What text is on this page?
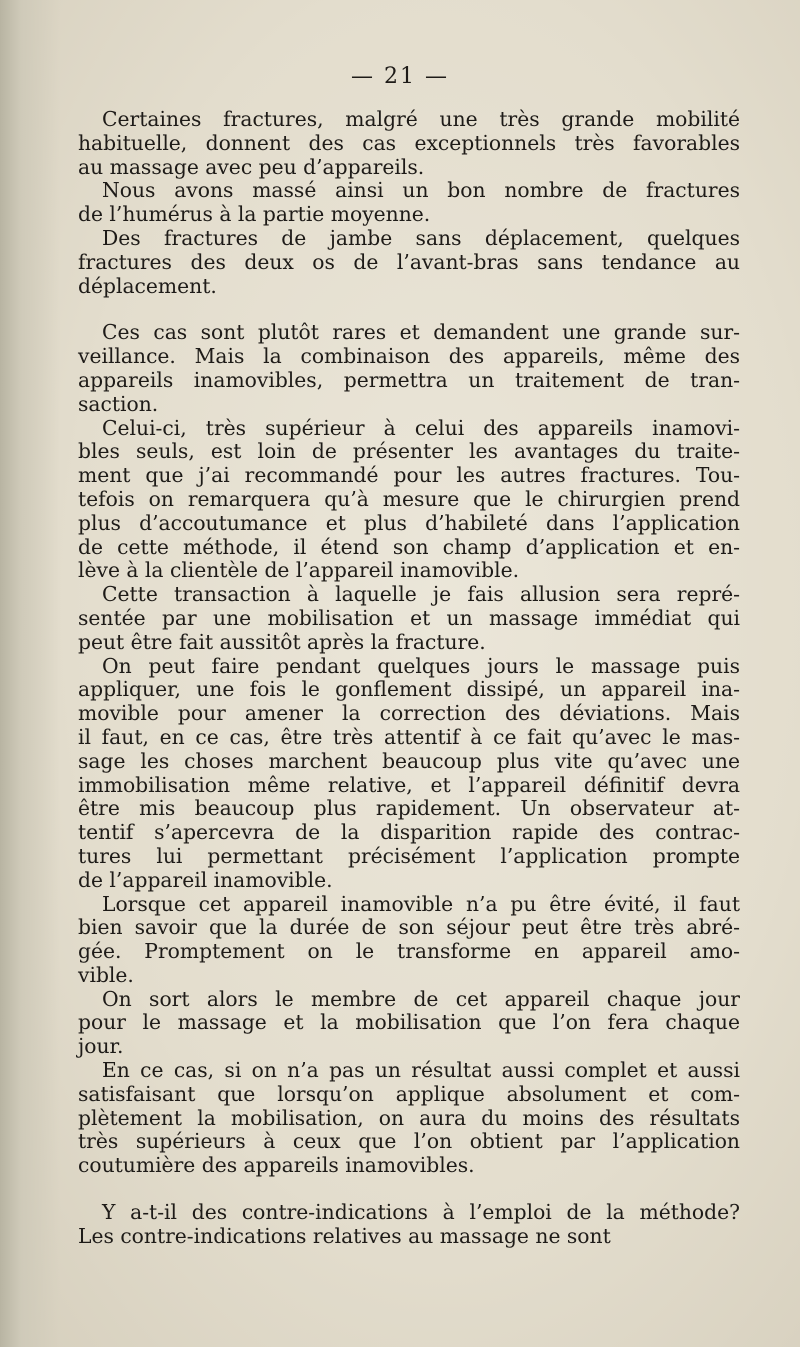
— 21 —

Certaines fractures, malgré une très grande mobilité
habituelle, donnent des cas exceptionnels très favorables
au massage avec peu d’appareils.

Nous avons massé ainsi un bon nombre de fractures
de l’humérus à la partie moyenne.

Des fractures de jambe sans déplacement, quelques
fractures des deux os de l’avant-bras sans tendance au
déplacement.

Ces cas sont plutôt rares et demandent une grande sur-
veillance. Mais la combinaison des appareils, même des
appareils inamovibles, permettra un traitement de tran-
saction.

Celui-ci, très supérieur à celui des appareils inamovi-
bles seuls, est loin de présenter les avantages du traite-
ment que j’ai recommandé pour les autres fractures. Tou-
tefois on remarquera qu’à mesure que le chirurgien prend
plus d’accoutumance et plus d’habileté dans l’application
de cette méthode, il étend son champ d’application et en-
lève à la clientèle de l’appareil inamovible.

Cette transaction à laquelle je fais allusion sera repré-
sentée par une mobilisation et un massage immédiat qui
peut être fait aussitôt après la fracture.

On peut faire pendant quelques jours le massage puis
appliquer, une fois le gonflement dissipé, un appareil ina-
movible pour amener la correction des déviations. Mais
il faut, en ce cas, être très attentif à ce fait qu’avec le mas-
sage les choses marchent beaucoup plus vite qu’avec une
immobilisation même relative, et l’appareil définitif devra
être mis beaucoup plus rapidement. Un observateur at-
tentif s’apercevra de la disparition rapide des contrac-
tures lui permettant précisément l’application prompte
de l’appareil inamovible.

Lorsque cet appareil inamovible n’a pu être évité, il faut
bien savoir que la durée de son séjour peut être très abré-
gée. Promptement on le transforme en appareil amo-
vible.

On sort alors le membre de cet appareil chaque jour
pour le massage et la mobilisation que l’on fera chaque
jour.

En ce cas, si on n’a pas un résultat aussi complet et aussi
satisfaisant que lorsqu’on applique absolument et com-
plètement la mobilisation, on aura du moins des résultats
très supérieurs à ceux que l’on obtient par l’application
coutumière des appareils inamovibles.

Y a-t-il des contre-indications à l’emploi de la méthode?
Les contre-indications relatives au massage ne sont
